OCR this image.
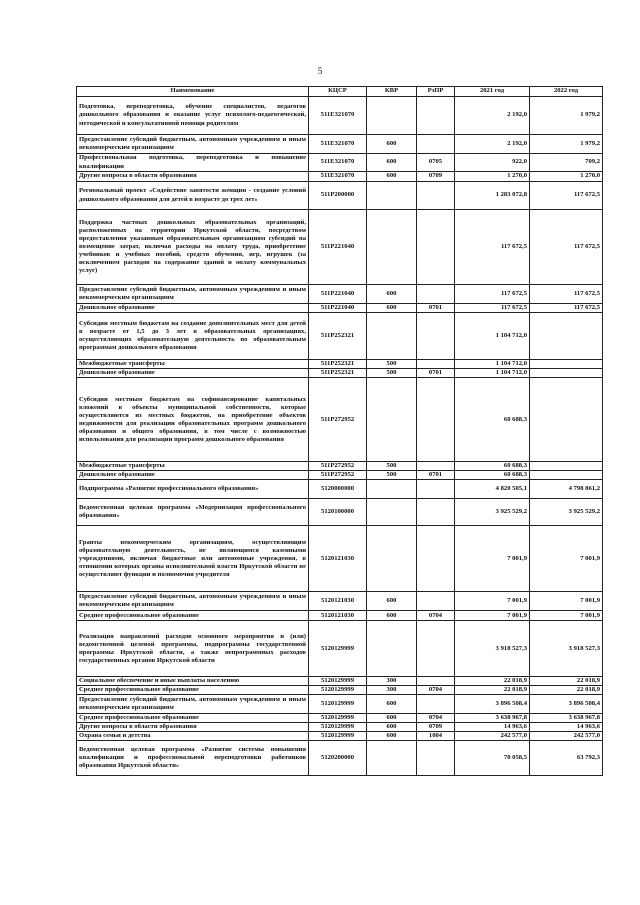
5
Наименование	КЦСР	КВР	РзПР	2021 год	2022 год
Подготовка, переподготовка, обучение специалистов, педагогов дошкольного образования и оказание услуг психолого-педагогической, методической и консультативной помощи родителям	511Е321070			2 192,0	1 979,2
Предоставление субсидий бюджетным, автономным учреждениям и иным некоммерческим организациям	511Е321070	600		2 192,0	1 979,2
Профессиональная подготовка, переподготовка и повышение квалификации	511Е321070	600	0705	922,0	709,2
Другие вопросы в области образования	511Е321070	600	0709	1 270,0	1 270,0
Региональный проект «Содействие занятости женщин - создание условий дошкольного образования для детей в возрасте до трех лет»	511Р200000			1 283 072,8	117 672,5
Поддержка частных дошкольных образовательных организаций, расположенных на территории Иркутской области, посредством предоставления указанным образовательным организациям субсидий на возмещение затрат, включая расходы на оплату труда, приобретение учебников и учебных пособий, средств обучения, игр, игрушек (за исключением расходов на содержание зданий и оплату коммунальных услуг)	511Р221040			117 672,5	117 672,5
Предоставление субсидий бюджетным, автономным учреждениям и иным некоммерческим организациям	511Р221040	600		117 672,5	117 672,5
Дошкольное образование	511Р221040	600	0701	117 672,5	117 672,5
Субсидии местным бюджетам на создание дополнительных мест для детей в возрасте от 1,5 до 3 лет в образовательных организациях, осуществляющих образовательную деятельность по образовательным программам дошкольного образования	511Р252321			1 104 712,0	
Межбюджетные трансферты	511Р252321	500		1 104 712,0	
Дошкольное образование	511Р252321	500	0701	1 104 712,0	
Субсидии местным бюджетам на софинансирование капитальных вложений в объекты муниципальной собственности, которые осуществляются из местных бюджетов, на приобретение объектов недвижимости для реализации образовательных программ дошкольного образования и общего образования, в том числе с возможностью использования для реализации программ дошкольного образования	511Р272952			60 688,3	
Межбюджетные трансферты	511Р272952	500		60 688,3	
Дошкольное образование	511Р272952	500	0701	60 688,3	
Подпрограмма «Развитие профессионального образования»	5120000000			4 820 505,1	4 798 861,2
Ведомственная целевая программа «Модернизация профессионального образования»	5120100000			3 925 529,2	3 925 529,2
Гранты некоммерческим организациям, осуществляющим образовательную деятельность, не являющимся казенными учреждениями, включая бюджетные или автономные учреждения, в отношении которых органы исполнительной власти Иркутской области не осуществляют функции и полномочия учредителя	5120121030			7 001,9	7 001,9
Предоставление субсидий бюджетным, автономным учреждениям и иным некоммерческим организациям	5120121030	600		7 001,9	7 001,9
Среднее профессиональное образование	5120121030	600	0704	7 001,9	7 001,9
Реализация направлений расходов основного мероприятия и (или) ведомственной целевой программы, подпрограммы государственной программы Иркутской области, а также непрограммных расходов государственных органов Иркутской области	5120129999			3 918 527,3	3 918 527,3
Социальное обеспечение и иные выплаты населению	5120129999	300		22 018,9	22 018,9
Среднее профессиональное образование	5120129999	300	0704	22 018,9	22 018,9
Предоставление субсидий бюджетным, автономным учреждениям и иным некоммерческим организациям	5120129999	600		3 896 508,4	3 896 508,4
Среднее профессиональное образование	5120129999	600	0704	3 638 967,8	3 638 967,8
Другие вопросы в области образования	5120129999	600	0709	14 963,6	14 963,6
Охрана семьи и детства	5120129999	600	1004	242 577,0	242 577,0
Ведомственная целевая программа «Развитие системы повышения квалификации и профессиональной переподготовки работников образования Иркутской области»	5120200000			70 058,5	63 792,3
